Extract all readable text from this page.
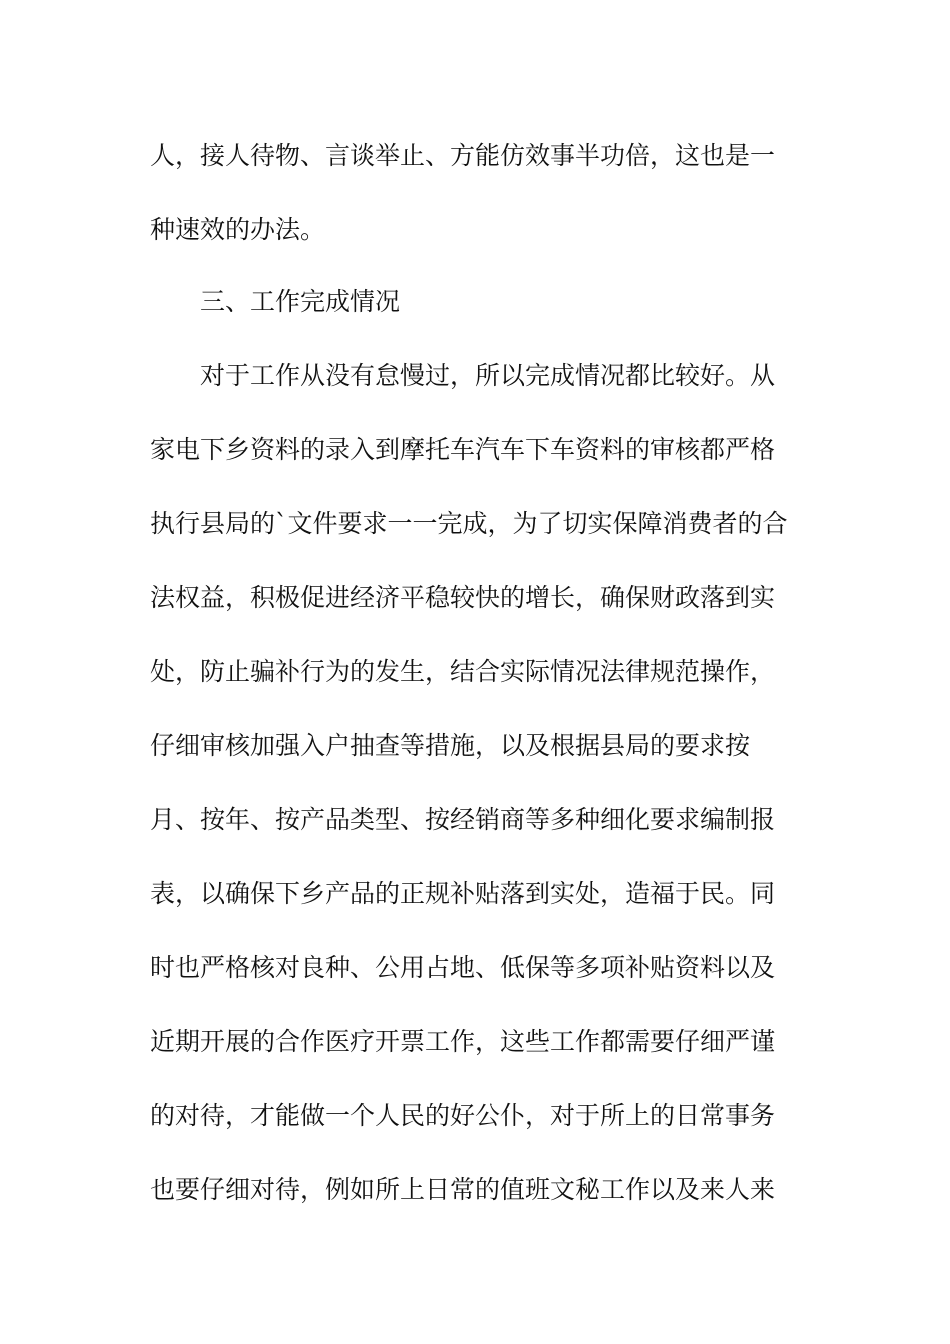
人，接人待物、言谈举止、方能仿效事半功倍，这也是一
种速效的办法。
三、工作完成情况
对于工作从没有怠慢过，所以完成情况都比较好。从
家电下乡资料的录入到摩托车汽车下车资料的审核都严格
执行县局的`文件要求一一完成，为了切实保障消费者的合
法权益，积极促进经济平稳较快的增长，确保财政落到实
处，防止骗补行为的发生，结合实际情况法律规范操作，
仔细审核加强入户抽查等措施，以及根据县局的要求按
月、按年、按产品类型、按经销商等多种细化要求编制报
表，以确保下乡产品的正规补贴落到实处，造福于民。同
时也严格核对良种、公用占地、低保等多项补贴资料以及
近期开展的合作医疗开票工作，这些工作都需要仔细严谨
的对待，才能做一个人民的好公仆，对于所上的日常事务
也要仔细对待，例如所上日常的值班文秘工作以及来人来
